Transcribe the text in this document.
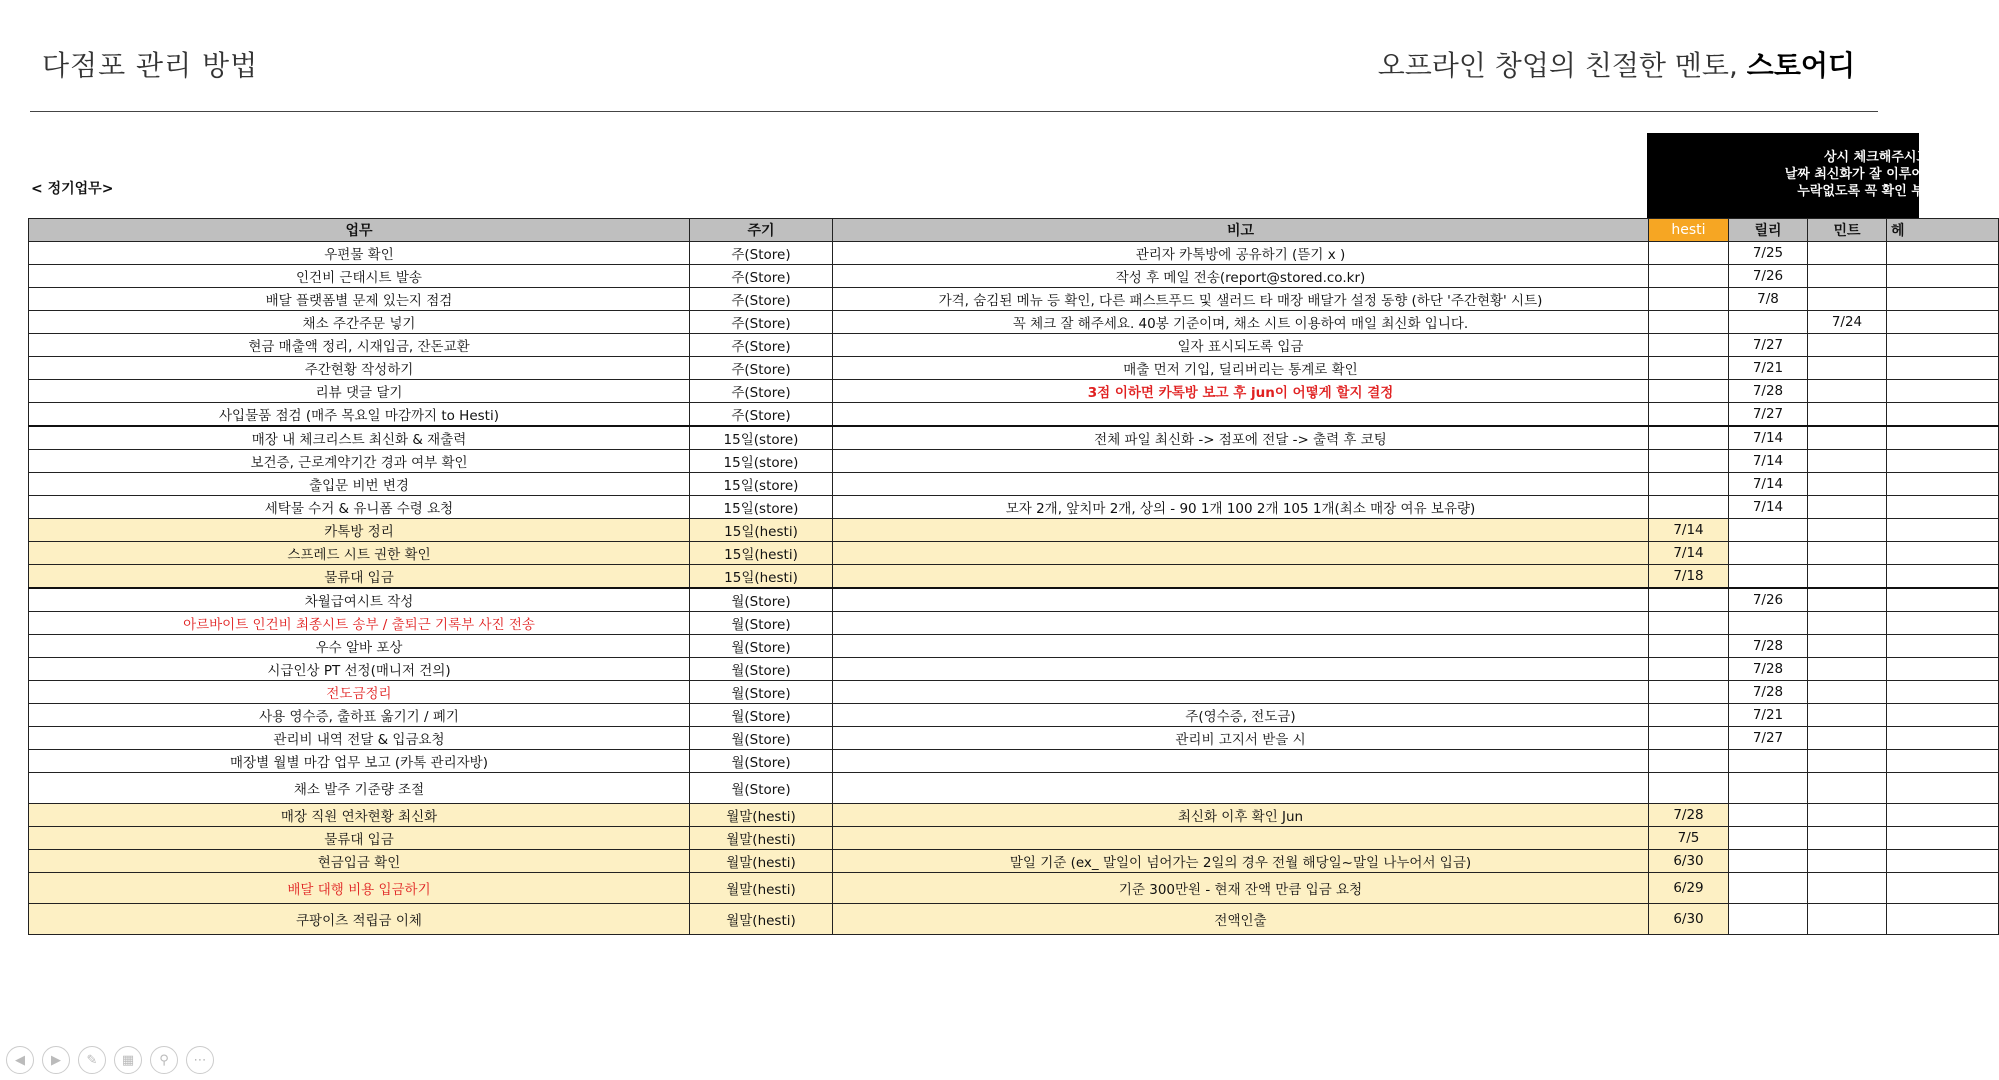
다점포 관리 방법	오프라인 창업의 친절한 멘토, 스토어디
< 정기업무>
상시 체크해주시고
날짜 최신화가 잘 이루어지고
누락없도록 꼭 확인 부탁드
업무	주기	비고	hesti	릴리	민트	헤
우편물 확인	주(Store)	관리자 카톡방에 공유하기 (뜯기 x )		7/25		
인건비 근태시트 발송	주(Store)	작성 후 메일 전송(report@stored.co.kr)		7/26		
배달 플랫폼별 문제 있는지 점검	주(Store)	가격, 숨김된 메뉴 등 확인, 다른 패스트푸드 및 샐러드 타 매장 배달가 설정 동향 (하단 '주간현황' 시트)		7/8		
채소 주간주문 넣기	주(Store)	꼭 체크 잘 해주세요. 40봉 기준이며, 채소 시트 이용하여 매일 최신화 입니다.			7/24	
현금 매출액 정리, 시재입금, 잔돈교환	주(Store)	일자 표시되도록 입금		7/27		
주간현황 작성하기	주(Store)	매출 먼저 기입, 딜리버리는 통계로 확인		7/21		
리뷰 댓글 달기	주(Store)	3점 이하면 카톡방 보고 후 jun이 어떻게 할지 결정		7/28		
사입물품 점검 (매주 목요일 마감까지 to Hesti)	주(Store)			7/27		
매장 내 체크리스트 최신화 & 재출력	15일(store)	전체 파일 최신화 -> 점포에 전달 -> 출력 후 코팅		7/14		
보건증, 근로계약기간 경과 여부 확인	15일(store)			7/14		
출입문 비번 변경	15일(store)			7/14		
세탁물 수거 & 유니폼 수령 요청	15일(store)	모자 2개, 앞치마 2개, 상의 - 90 1개 100 2개 105 1개(최소 매장 여유 보유량)		7/14		
카톡방 정리	15일(hesti)		7/14			
스프레드 시트 권한 확인	15일(hesti)		7/14			
물류대 입금	15일(hesti)		7/18			
차월급여시트 작성	월(Store)			7/26		
아르바이트 인건비 최종시트 송부 / 출퇴근 기록부 사진 전송	월(Store)					
우수 알바 포상	월(Store)			7/28		
시급인상 PT 선정(매니저 건의)	월(Store)			7/28		
전도금정리	월(Store)			7/28		
사용 영수증, 출하표 옮기기 / 폐기	월(Store)	주(영수증, 전도금)		7/21		
관리비 내역 전달 & 입금요청	월(Store)	관리비 고지서 받을 시		7/27		
매장별 월별 마감 업무 보고 (카톡 관리자방)	월(Store)					
채소 발주 기준량 조절	월(Store)					
매장 직원 연차현황 최신화	월말(hesti)	최신화 이후 확인 Jun	7/28			
물류대 입금	월말(hesti)		7/5			
현금입금 확인	월말(hesti)	말일 기준 (ex_ 말일이 넘어가는 2일의 경우 전월 해당일~말일 나누어서 입금)	6/30			
배달 대행 비용 입금하기	월말(hesti)	기준 300만원 - 현재 잔액 만큼 입금 요청	6/29			
쿠팡이츠 적립금 이체	월말(hesti)	전액인출	6/30			
◀	▶	✎	▦	⚲	⋯
